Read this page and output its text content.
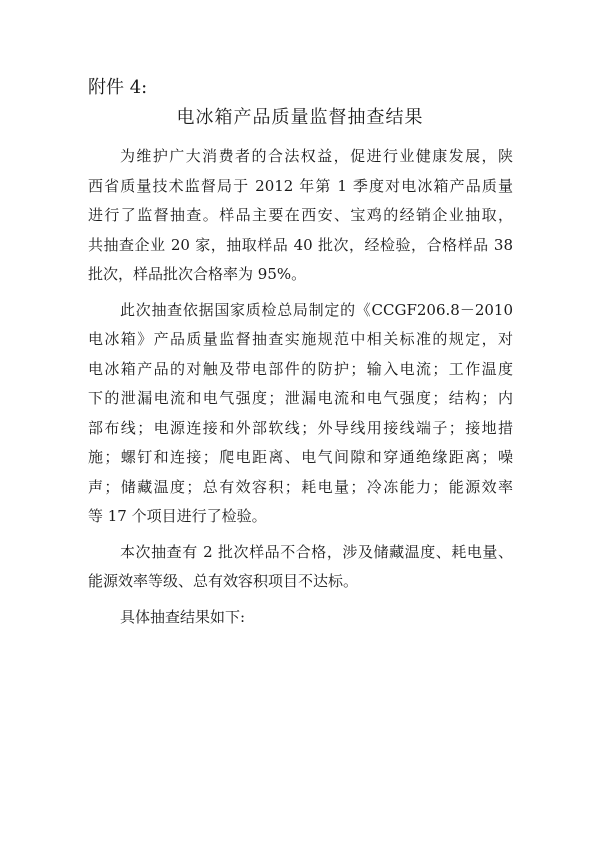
附件 4:
电冰箱产品质量监督抽查结果
为维护广大消费者的合法权益，促进行业健康发展，陕
西省质量技术监督局于 2012 年第 1 季度对电冰箱产品质量
进行了监督抽查。样品主要在西安、宝鸡的经销企业抽取，
共抽查企业 20 家，抽取样品 40 批次，经检验，合格样品 38
批次，样品批次合格率为 95%。
此次抽查依据国家质检总局制定的《CCGF206.8－2010
电冰箱》产品质量监督抽查实施规范中相关标准的规定，对
电冰箱产品的对触及带电部件的防护；输入电流；工作温度
下的泄漏电流和电气强度；泄漏电流和电气强度；结构；内
部布线；电源连接和外部软线；外导线用接线端子；接地措
施；螺钉和连接；爬电距离、电气间隙和穿通绝缘距离；噪
声；储藏温度；总有效容积；耗电量；冷冻能力；能源效率
等 17 个项目进行了检验。
本次抽查有 2 批次样品不合格，涉及储藏温度、耗电量、
能源效率等级、总有效容积项目不达标。
具体抽查结果如下:
